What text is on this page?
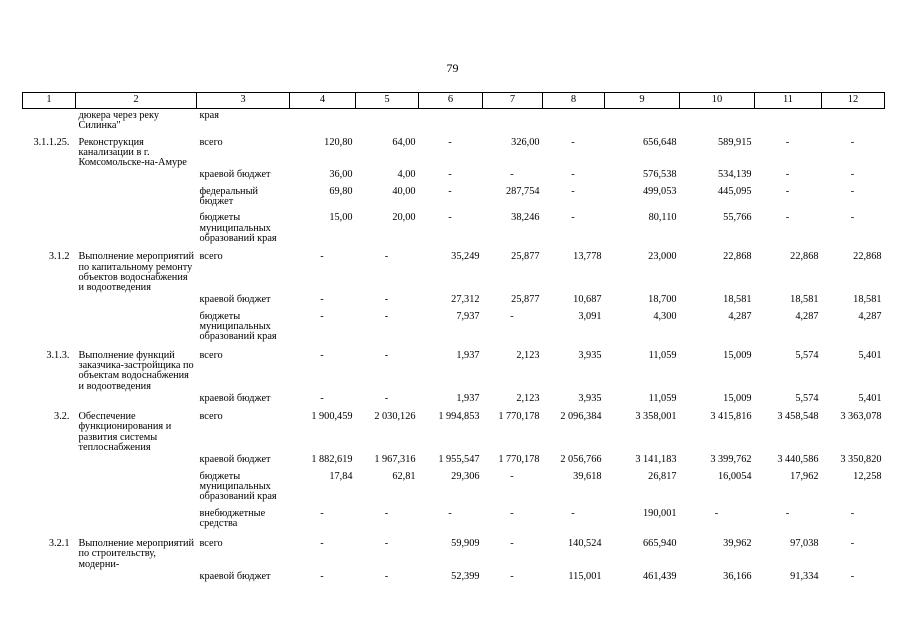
79
1	2	3	4	5	6	7	8	9	10	11	12
	дюкера через реку Силинка"	края									
3.1.1.25.	Реконструкция канализации в г. Комсомольске-на-Амуре	всего	120,80	64,00	-	326,00	-	656,648	589,915	-	-
		краевой бюджет	36,00	4,00	-	-	-	576,538	534,139	-	-
		федеральный бюджет	69,80	40,00	-	287,754	-	499,053	445,095	-	-
		бюджеты муниципальных образований края	15,00	20,00	-	38,246	-	80,110	55,766	-	-
3.1.2	Выполнение мероприятий по капитальному ремонту объектов водоснабжения и водоотведения	всего	-	-	35,249	25,877	13,778	23,000	22,868	22,868	22,868
		краевой бюджет	-	-	27,312	25,877	10,687	18,700	18,581	18,581	18,581
		бюджеты муниципальных образований края	-	-	7,937	-	3,091	4,300	4,287	4,287	4,287
3.1.3.	Выполнение функций заказчика-застройщика по объектам водоснабжения и водоотведения	всего	-	-	1,937	2,123	3,935	11,059	15,009	5,574	5,401
		краевой бюджет	-	-	1,937	2,123	3,935	11,059	15,009	5,574	5,401
3.2.	Обеспечение функционирования и развития системы теплоснабжения	всего	1 900,459	2 030,126	1 994,853	1 770,178	2 096,384	3 358,001	3 415,816	3 458,548	3 363,078
		краевой бюджет	1 882,619	1 967,316	1 955,547	1 770,178	2 056,766	3 141,183	3 399,762	3 440,586	3 350,820
		бюджеты муниципальных образований края	17,84	62,81	29,306	-	39,618	26,817	16,0054	17,962	12,258
		внебюджетные средства	-	-	-	-	-	190,001	-	-	-
3.2.1	Выполнение мероприятий по строительству, модерни-	всего	-	-	59,909	-	140,524	665,940	39,962	97,038	-
		краевой бюджет	-	-	52,399	-	115,001	461,439	36,166	91,334	-
